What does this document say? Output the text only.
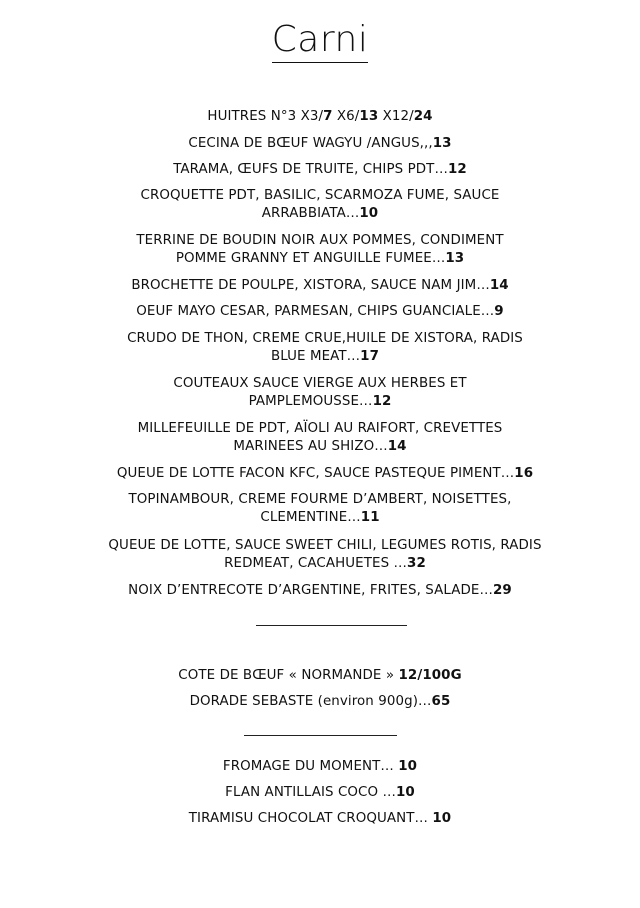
Carni
HUITRES N°3 X3/7 X6/13 X12/24
CECINA DE BŒUF WAGYU /ANGUS,,,13
TARAMA, ŒUFS DE TRUITE, CHIPS PDT…12
CROQUETTE PDT, BASILIC, SCARMOZA FUME, SAUCE
ARRABBIATA…10
TERRINE DE BOUDIN NOIR AUX POMMES, CONDIMENT
POMME GRANNY ET ANGUILLE FUMEE…13
BROCHETTE DE POULPE, XISTORA, SAUCE NAM JIM…14
OEUF MAYO CESAR, PARMESAN, CHIPS GUANCIALE…9
CRUDO DE THON, CREME CRUE,HUILE DE XISTORA, RADIS
BLUE MEAT…17
COUTEAUX SAUCE VIERGE AUX HERBES ET
PAMPLEMOUSSE…12
MILLEFEUILLE DE PDT, AÏOLI AU RAIFORT, CREVETTES
MARINEES AU SHIZO…14
QUEUE DE LOTTE FACON KFC, SAUCE PASTEQUE PIMENT…16
TOPINAMBOUR, CREME FOURME D’AMBERT, NOISETTES,
CLEMENTINE…11
QUEUE DE LOTTE, SAUCE SWEET CHILI, LEGUMES ROTIS, RADIS
REDMEAT, CACAHUETES …32
NOIX D’ENTRECOTE D’ARGENTINE, FRITES, SALADE…29
COTE DE BŒUF « NORMANDE » 12/100G
DORADE SEBASTE (environ 900g)…65
FROMAGE DU MOMENT… 10
FLAN ANTILLAIS COCO …10
TIRAMISU CHOCOLAT CROQUANT… 10
